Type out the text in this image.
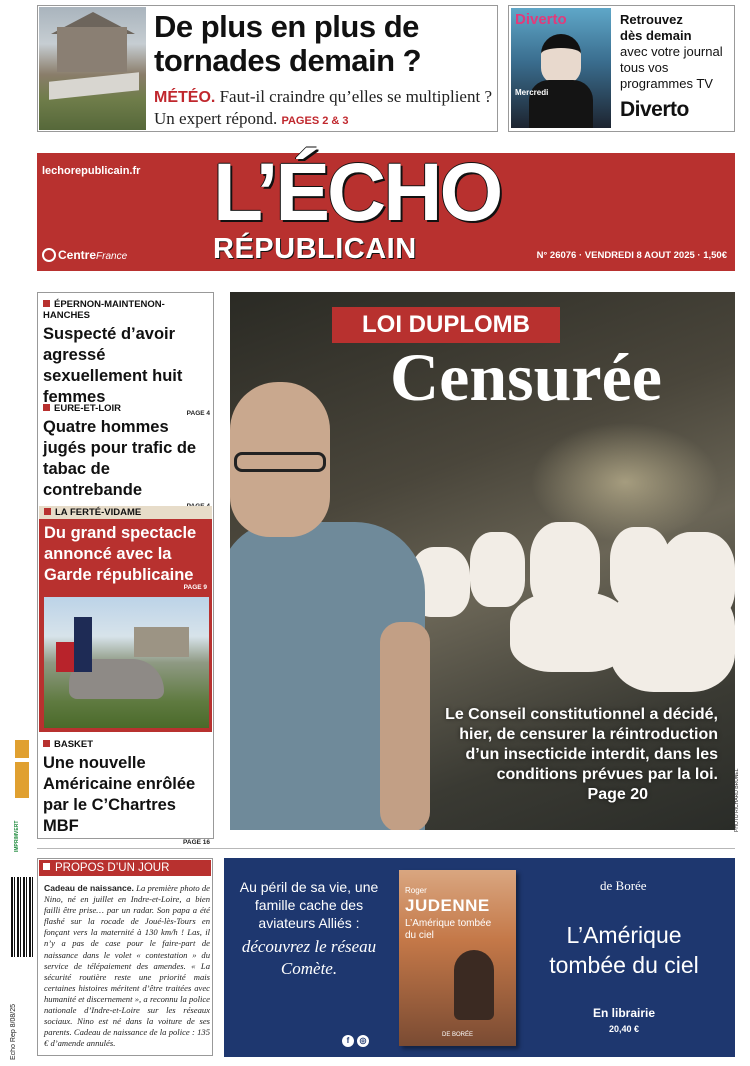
De plus en plus de tornades demain ?
MÉTÉO. Faut-il craindre qu’elles se multiplient ? Un expert répond. PAGES 2 & 3
Diverto
Mercredi
Retrouvez
dès demain
avec votre journal tous vos programmes TV
Diverto
lechorepublicain.fr L’ÉCHO
RÉPUBLICAIN
CentreFrance	N° 26076 · VENDREDI 8 AOUT 2025 · 1,50€
ÉPERNON-MAINTENON-HANCHES
Suspecté d’avoir agressé sexuellement huit femmes
PAGE 4
EURE-ET-LOIR
Quatre hommes jugés pour trafic de tabac de contrebande
LA FERTÉ-VIDAME
Du grand spectacle annoncé avec la Garde républicaine
PAGE 9
BASKET
Une nouvelle Américaine enrôlée par le C’Chartres MBF
PAGE 16
IMPRIMVERT
LOI DUPLOMB
Censurée
Le Conseil constitutionnel a décidé, hier, de censurer la réintroduction d’un insecticide interdit, dans les conditions prévues par la loi.
Page 20	PHOTO RICHARD BRUNEL
Echo Rep 8/08/25
PROPOS D’UN JOUR
Cadeau de naissance. La première photo de Nino, né en juillet en Indre-et-Loire, a bien failli être prise… par un radar. Son papa a été flashé sur la rocade de Joué-lès-Tours en fonçant vers la maternité à 130 km/h ! Las, il n’y a pas de case pour le faire-part de naissance dans le volet « contestation » du service de télépaiement des amendes. « La sécurité routière reste une priorité mais certaines histoires méritent d’être traitées avec humanité et discernement », a reconnu la police nationale d’Indre-et-Loire sur les réseaux sociaux. Nino est né dans la voiture de ses parents. Cadeau de naissance de la police : 135 € d’amende annulés.
Au péril de sa vie, une famille cache des aviateurs Alliés :
découvrez le réseau Comète.
f ◎
Roger
JUDENNE
L’Amérique tombée du ciel
DE BORÉE
de Borée
L’Amérique tombée du ciel
En librairie
20,40 €
